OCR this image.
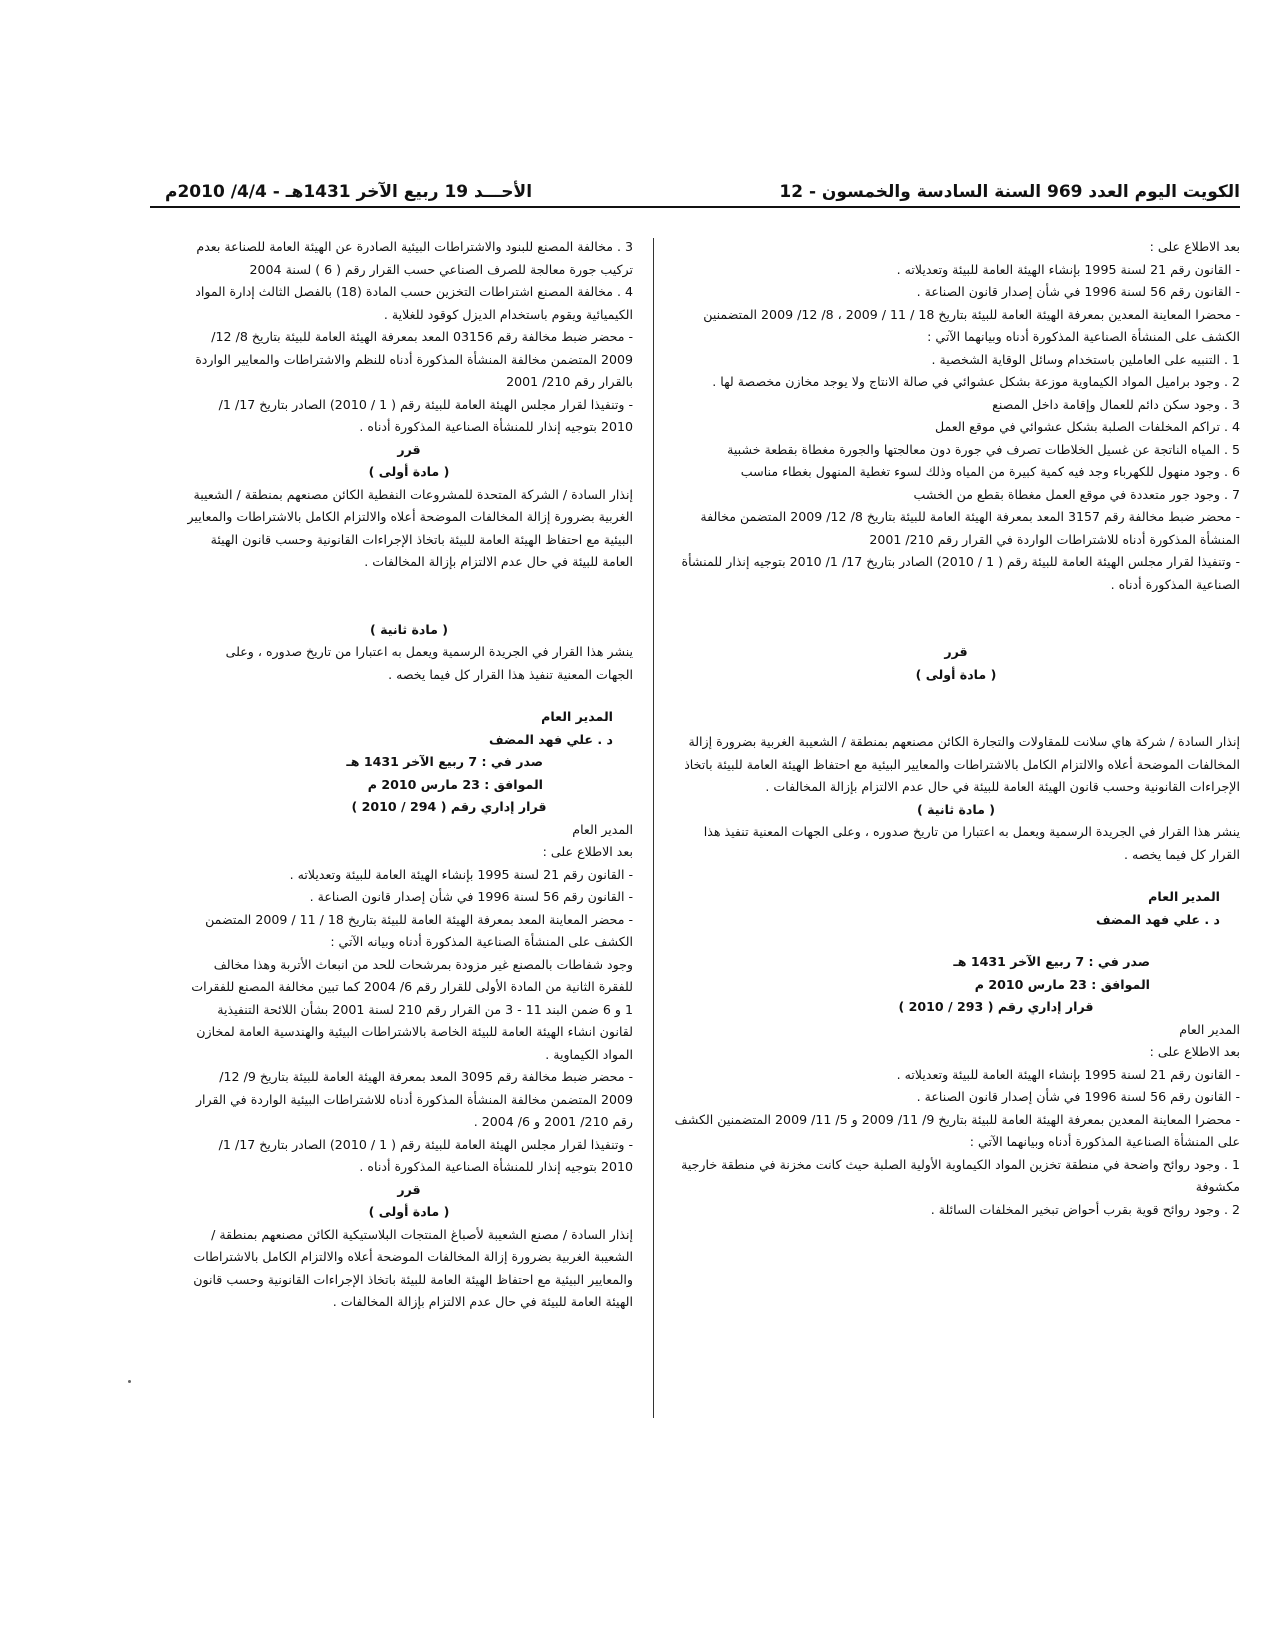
الأحـــد 19 ربيع الآخر 1431هـ - 4/4/ 2010م	الكويت اليوم العدد 969 السنة السادسة والخمسون - 12

بعد الاطلاع على :

- القانون رقم 21 لسنة 1995 بإنشاء الهيئة العامة للبيئة وتعديلاته .

- القانون رقم 56 لسنة 1996 في شأن إصدار قانون الصناعة .

- محضرا المعاينة المعدين بمعرفة الهيئة العامة للبيئة بتاريخ 18 / 11 / 2009 ، 8/ 12/ 2009 المتضمنين الكشف على المنشأة الصناعية المذكورة أدناه وبيانهما الآتي :

1 . التنبيه على العاملين باستخدام وسائل الوقاية الشخصية .

2 . وجود براميل المواد الكيماوية موزعة بشكل عشوائي في صالة الانتاج ولا يوجد مخازن مخصصة لها .

3 . وجود سكن دائم للعمال وإقامة داخل المصنع

4 . تراكم المخلفات الصلبة بشكل عشوائي في موقع العمل

5 . المياه الناتجة عن غسيل الخلاطات تصرف في جورة دون معالجتها والجورة مغطاة بقطعة خشبية

6 . وجود منهول للكهرباء وجد فيه كمية كبيرة من المياه وذلك لسوء تغطية المنهول بغطاء مناسب

7 . وجود جور متعددة في موقع العمل مغطاة بقطع من الخشب

- محضر ضبط مخالفة رقم 3157 المعد بمعرفة الهيئة العامة للبيئة بتاريخ 8/ 12/ 2009 المتضمن مخالفة المنشأة المذكورة أدناه للاشتراطات الواردة في القرار رقم 210/ 2001

- وتنفيذا لقرار مجلس الهيئة العامة للبيئة رقم ( 1 / 2010) الصادر بتاريخ 17/ 1/ 2010 بتوجيه إنذار للمنشأة الصناعية المذكورة أدناه .

قرر

( مادة أولى )

إنذار السادة / شركة هاي سلانت للمقاولات والتجارة الكائن مصنعهم بمنطقة / الشعيبة الغربية بضرورة إزالة المخالفات الموضحة أعلاه والالتزام الكامل بالاشتراطات والمعايير البيئية مع احتفاظ الهيئة العامة للبيئة باتخاذ الإجراءات القانونية وحسب قانون الهيئة العامة للبيئة في حال عدم الالتزام بإزالة المخالفات .

( مادة ثانية )

ينشر هذا القرار في الجريدة الرسمية ويعمل به اعتبارا من تاريخ صدوره ، وعلى الجهات المعنية تنفيذ هذا القرار كل فيما يخصه .

المدير العام

د . علي فهد المضف

صدر في : 7 ربيع الآخر 1431 هـ

الموافق : 23 مارس 2010 م

قرار إداري رقم ( 293 / 2010 )

المدير العام

بعد الاطلاع على :

- القانون رقم 21 لسنة 1995 بإنشاء الهيئة العامة للبيئة وتعديلاته .

- القانون رقم 56 لسنة 1996 في شأن إصدار قانون الصناعة .

- محضرا المعاينة المعدين بمعرفة الهيئة العامة للبيئة بتاريخ 9/ 11/ 2009 و 5/ 11/ 2009 المتضمنين الكشف على المنشأة الصناعية المذكورة أدناه وبيانهما الآتي :

1 . وجود روائح واضحة في منطقة تخزين المواد الكيماوية الأولية الصلبة حيث كانت مخزنة في منطقة خارجية مكشوفة

2 . وجود روائح قوية بقرب أحواض تبخير المخلفات السائلة .

3 . مخالفة المصنع للبنود والاشتراطات البيئية الصادرة عن الهيئة العامة للصناعة بعدم تركيب جورة معالجة للصرف الصناعي حسب القرار رقم ( 6 ) لسنة 2004

4 . مخالفة المصنع اشتراطات التخزين حسب المادة (18) بالفصل الثالث إدارة المواد الكيميائية ويقوم باستخدام الديزل كوقود للغلاية .

- محضر ضبط مخالفة رقم 03156 المعد بمعرفة الهيئة العامة للبيئة بتاريخ 8/ 12/ 2009 المتضمن مخالفة المنشأة المذكورة أدناه للنظم والاشتراطات والمعايير الواردة بالقرار رقم 210/ 2001

- وتنفيذا لقرار مجلس الهيئة العامة للبيئة رقم ( 1 / 2010) الصادر بتاريخ 17/ 1/ 2010 بتوجيه إنذار للمنشأة الصناعية المذكورة أدناه .

قرر

( مادة أولى )

إنذار السادة / الشركة المتحدة للمشروعات النفطية الكائن مصنعهم بمنطقة / الشعيبة الغربية بضرورة إزالة المخالفات الموضحة أعلاه والالتزام الكامل بالاشتراطات والمعايير البيئية مع احتفاظ الهيئة العامة للبيئة باتخاذ الإجراءات القانونية وحسب قانون الهيئة العامة للبيئة في حال عدم الالتزام بإزالة المخالفات .

( مادة ثانية )

ينشر هذا القرار في الجريدة الرسمية ويعمل به اعتبارا من تاريخ صدوره ، وعلى الجهات المعنية تنفيذ هذا القرار كل فيما يخصه .

المدير العام

د . علي فهد المضف

صدر في : 7 ربيع الآخر 1431 هـ

الموافق : 23 مارس 2010 م

قرار إداري رقم ( 294 / 2010 )

المدير العام

بعد الاطلاع على :

- القانون رقم 21 لسنة 1995 بإنشاء الهيئة العامة للبيئة وتعديلاته .

- القانون رقم 56 لسنة 1996 في شأن إصدار قانون الصناعة .

- محضر المعاينة المعد بمعرفة الهيئة العامة للبيئة بتاريخ 18 / 11 / 2009 المتضمن الكشف على المنشأة الصناعية المذكورة أدناه وبيانه الآتي :

وجود شفاطات بالمصنع غير مزودة بمرشحات للحد من انبعاث الأتربة وهذا مخالف للفقرة الثانية من المادة الأولى للقرار رقم 6/ 2004 كما تبين مخالفة المصنع للفقرات 1 و 6 ضمن البند 11 - 3 من القرار رقم 210 لسنة 2001 بشأن اللائحة التنفيذية لقانون انشاء الهيئة العامة للبيئة الخاصة بالاشتراطات البيئية والهندسية العامة لمخازن المواد الكيماوية .

- محضر ضبط مخالفة رقم 3095 المعد بمعرفة الهيئة العامة للبيئة بتاريخ 9/ 12/ 2009 المتضمن مخالفة المنشأة المذكورة أدناه للاشتراطات البيئية الواردة في القرار رقم 210/ 2001 و 6/ 2004 .

- وتنفيذا لقرار مجلس الهيئة العامة للبيئة رقم ( 1 / 2010) الصادر بتاريخ 17/ 1/ 2010 بتوجيه إنذار للمنشأة الصناعية المذكورة أدناه .

قرر

( مادة أولى )

إنذار السادة / مصنع الشعيبة لأصباغ المنتجات البلاستيكية الكائن مصنعهم بمنطقة / الشعيبة الغربية بضرورة إزالة المخالفات الموضحة أعلاه والالتزام الكامل بالاشتراطات والمعايير البيئية مع احتفاظ الهيئة العامة للبيئة باتخاذ الإجراءات القانونية وحسب قانون الهيئة العامة للبيئة في حال عدم الالتزام بإزالة المخالفات .
